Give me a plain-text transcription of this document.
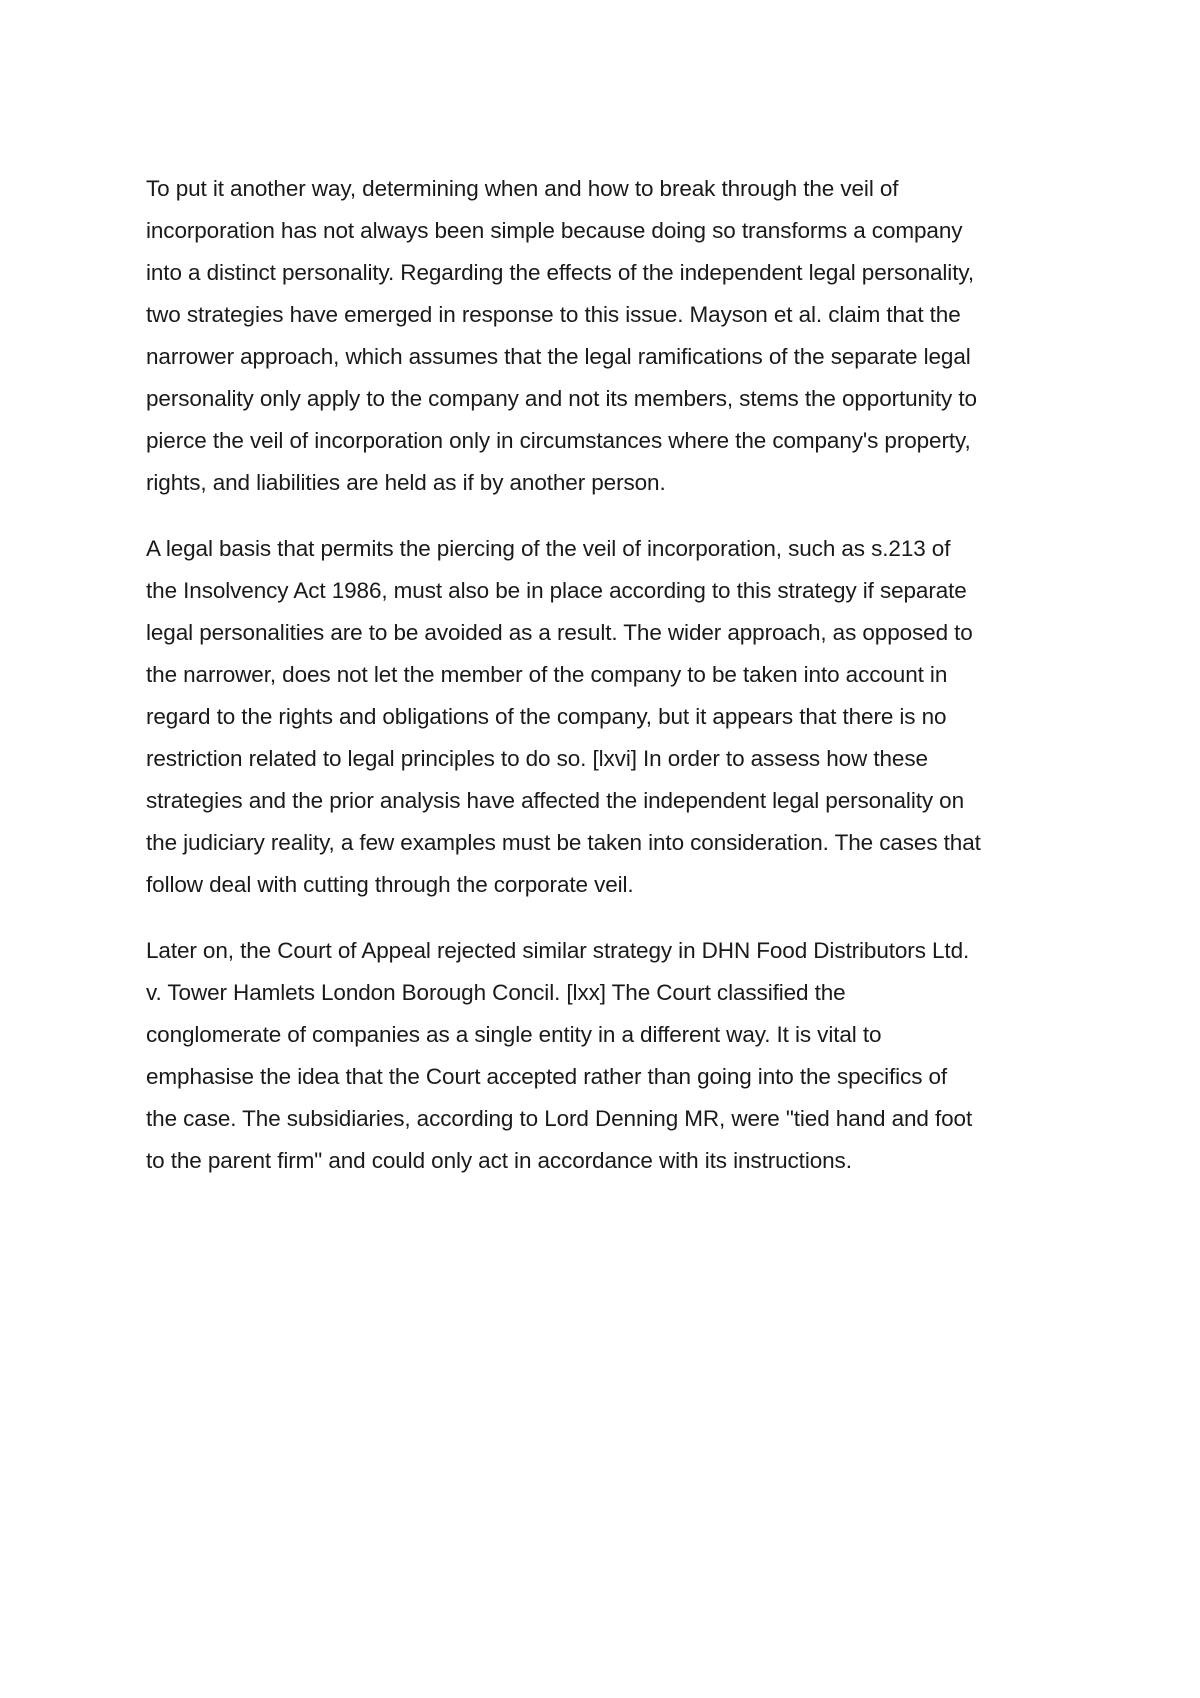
To put it another way, determining when and how to break through the veil of
incorporation has not always been simple because doing so transforms a company
into a distinct personality. Regarding the effects of the independent legal personality,
two strategies have emerged in response to this issue. Mayson et al. claim that the
narrower approach, which assumes that the legal ramifications of the separate legal
personality only apply to the company and not its members, stems the opportunity to
pierce the veil of incorporation only in circumstances where the company's property,
rights, and liabilities are held as if by another person.

A legal basis that permits the piercing of the veil of incorporation, such as s.213 of
the Insolvency Act 1986, must also be in place according to this strategy if separate
legal personalities are to be avoided as a result. The wider approach, as opposed to
the narrower, does not let the member of the company to be taken into account in
regard to the rights and obligations of the company, but it appears that there is no
restriction related to legal principles to do so. [lxvi] In order to assess how these
strategies and the prior analysis have affected the independent legal personality on
the judiciary reality, a few examples must be taken into consideration. The cases that
follow deal with cutting through the corporate veil.

Later on, the Court of Appeal rejected similar strategy in DHN Food Distributors Ltd.
v. Tower Hamlets London Borough Concil. [lxx] The Court classified the
conglomerate of companies as a single entity in a different way. It is vital to
emphasise the idea that the Court accepted rather than going into the specifics of
the case. The subsidiaries, according to Lord Denning MR, were "tied hand and foot
to the parent firm" and could only act in accordance with its instructions.
